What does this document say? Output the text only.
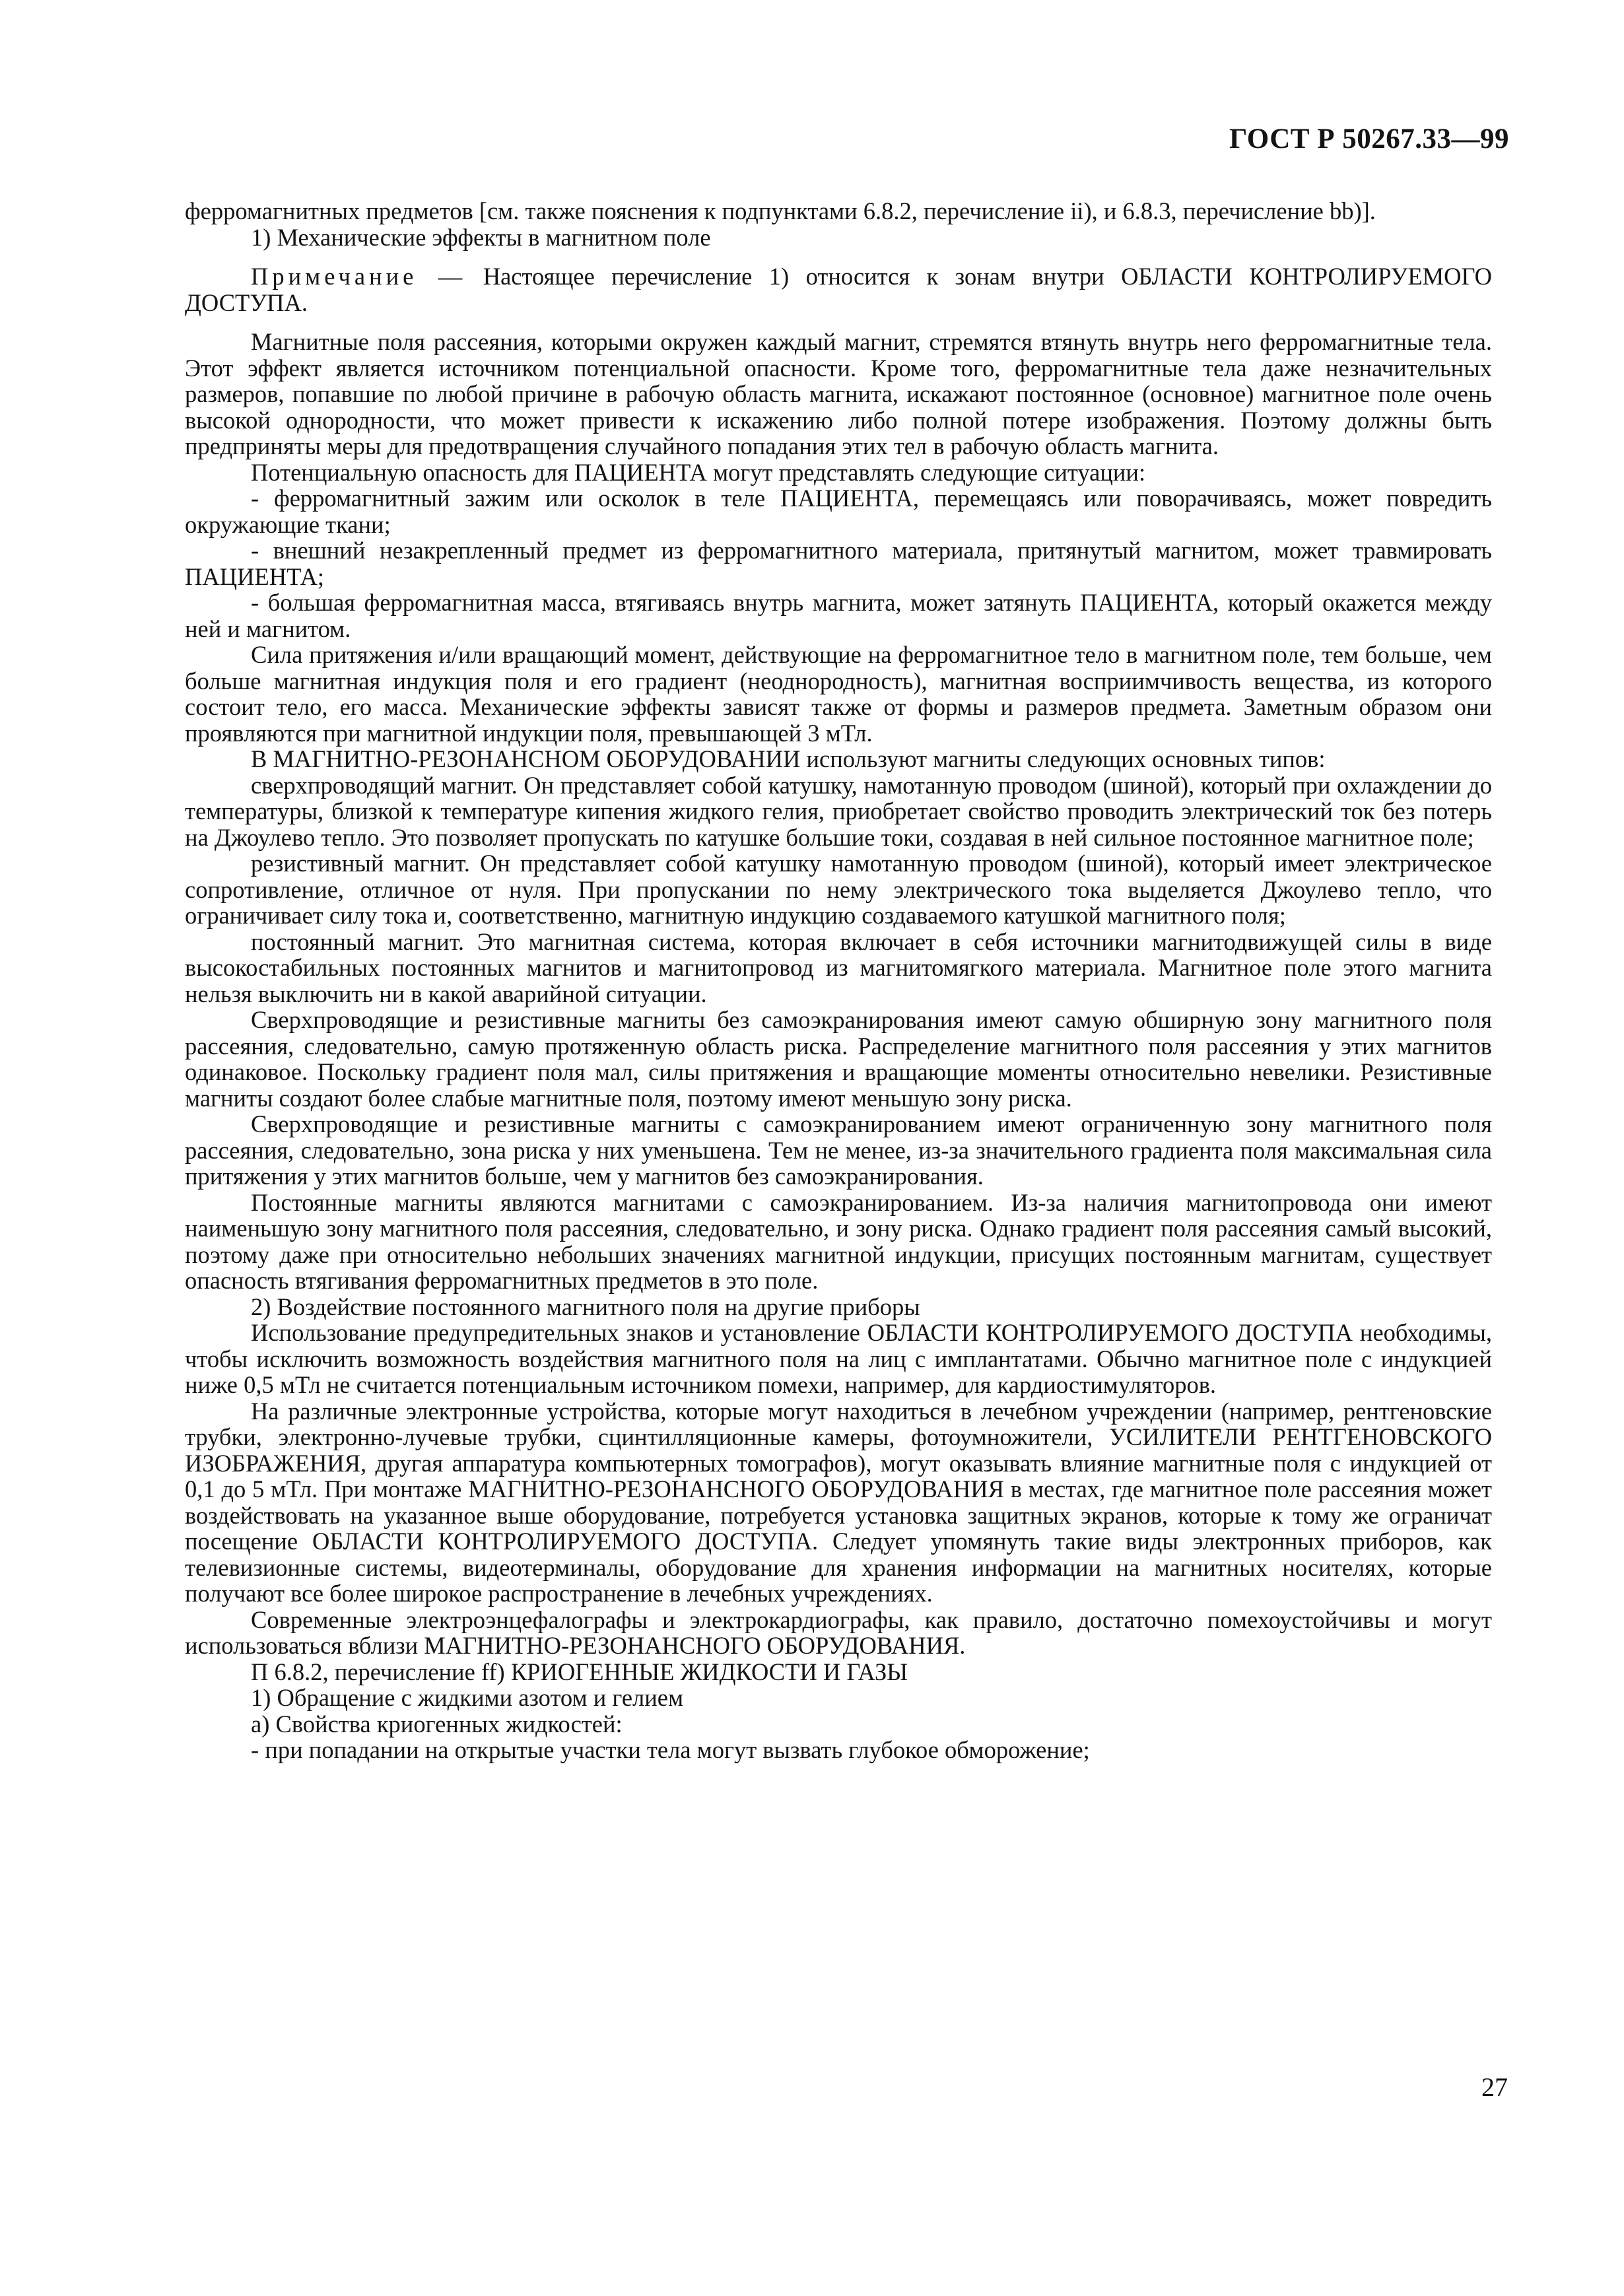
ГОСТ Р 50267.33—99

ферромагнитных предметов [см. также пояснения к подпунктами 6.8.2, перечисление ii), и 6.8.3, перечисление bb)].

1) Механические эффекты в магнитном поле

Примечание — Настоящее перечисление 1) относится к зонам внутри ОБЛАСТИ КОНТРОЛИРУЕМОГО ДОСТУПА.

Магнитные поля рассеяния, которыми окружен каждый магнит, стремятся втянуть внутрь него ферромагнитные тела. Этот эффект является источником потенциальной опасности. Кроме того, ферромагнитные тела даже незначительных размеров, попавшие по любой причине в рабочую область магнита, искажают постоянное (основное) магнитное поле очень высокой однородности, что может привести к искажению либо полной потере изображения. Поэтому должны быть предприняты меры для предотвращения случайного попадания этих тел в рабочую область магнита.

Потенциальную опасность для ПАЦИЕНТА могут представлять следующие ситуации:

- ферромагнитный зажим или осколок в теле ПАЦИЕНТА, перемещаясь или поворачиваясь, может повредить окружающие ткани;

- внешний незакрепленный предмет из ферромагнитного материала, притянутый магнитом, может травмировать ПАЦИЕНТА;

- большая ферромагнитная масса, втягиваясь внутрь магнита, может затянуть ПАЦИЕНТА, который окажется между ней и магнитом.

Сила притяжения и/или вращающий момент, действующие на ферромагнитное тело в магнитном поле, тем больше, чем больше магнитная индукция поля и его градиент (неоднородность), магнитная восприимчивость вещества, из которого состоит тело, его масса. Механические эффекты зависят также от формы и размеров предмета. Заметным образом они проявляются при магнитной индукции поля, превышающей 3 мТл.

В МАГНИТНО-РЕЗОНАНСНОМ ОБОРУДОВАНИИ используют магниты следующих основных типов:

сверхпроводящий магнит. Он представляет собой катушку, намотанную проводом (шиной), который при охлаждении до температуры, близкой к температуре кипения жидкого гелия, приобретает свойство проводить электрический ток без потерь на Джоулево тепло. Это позволяет пропускать по катушке большие токи, создавая в ней сильное постоянное магнитное поле;

резистивный магнит. Он представляет собой катушку намотанную проводом (шиной), который имеет электрическое сопротивление, отличное от нуля. При пропускании по нему электрического тока выделяется Джоулево тепло, что ограничивает силу тока и, соответственно, магнитную индукцию создаваемого катушкой магнитного поля;

постоянный магнит. Это магнитная система, которая включает в себя источники магнитодвижущей силы в виде высокостабильных постоянных магнитов и магнитопровод из магнитомягкого материала. Магнитное поле этого магнита нельзя выключить ни в какой аварийной ситуации.

Сверхпроводящие и резистивные магниты без самоэкранирования имеют самую обширную зону магнитного поля рассеяния, следовательно, самую протяженную область риска. Распределение магнитного поля рассеяния у этих магнитов одинаковое. Поскольку градиент поля мал, силы притяжения и вращающие моменты относительно невелики. Резистивные магниты создают более слабые магнитные поля, поэтому имеют меньшую зону риска.

Сверхпроводящие и резистивные магниты с самоэкранированием имеют ограниченную зону магнитного поля рассеяния, следовательно, зона риска у них уменьшена. Тем не менее, из-за значительного градиента поля максимальная сила притяжения у этих магнитов больше, чем у магнитов без самоэкранирования.

Постоянные магниты являются магнитами с самоэкранированием. Из-за наличия магнитопровода они имеют наименьшую зону магнитного поля рассеяния, следовательно, и зону риска. Однако градиент поля рассеяния самый высокий, поэтому даже при относительно небольших значениях магнитной индукции, присущих постоянным магнитам, существует опасность втягивания ферромагнитных предметов в это поле.

2) Воздействие постоянного магнитного поля на другие приборы

Использование предупредительных знаков и установление ОБЛАСТИ КОНТРОЛИРУЕМОГО ДОСТУПА необходимы, чтобы исключить возможность воздействия магнитного поля на лиц с имплантатами. Обычно магнитное поле с индукцией ниже 0,5 мТл не считается потенциальным источником помехи, например, для кардиостимуляторов.

На различные электронные устройства, которые могут находиться в лечебном учреждении (например, рентгеновские трубки, электронно-лучевые трубки, сцинтилляционные камеры, фотоумножители, УСИЛИТЕЛИ РЕНТГЕНОВСКОГО ИЗОБРАЖЕНИЯ, другая аппаратура компьютерных томографов), могут оказывать влияние магнитные поля с индукцией от 0,1 до 5 мТл. При монтаже МАГНИТНО-РЕЗОНАНСНОГО ОБОРУДОВАНИЯ в местах, где магнитное поле рассеяния может воздействовать на указанное выше оборудование, потребуется установка защитных экранов, которые к тому же ограничат посещение ОБЛАСТИ КОНТРОЛИРУЕМОГО ДОСТУПА. Следует упомянуть такие виды электронных приборов, как телевизионные системы, видеотерминалы, оборудование для хранения информации на магнитных носителях, которые получают все более широкое распространение в лечебных учреждениях.

Современные электроэнцефалографы и электрокардиографы, как правило, достаточно помехоустойчивы и могут использоваться вблизи МАГНИТНО-РЕЗОНАНСНОГО ОБОРУДОВАНИЯ.

П 6.8.2, перечисление ff) КРИОГЕННЫЕ ЖИДКОСТИ И ГАЗЫ

1) Обращение с жидкими азотом и гелием

а) Свойства криогенных жидкостей:

- при попадании на открытые участки тела могут вызвать глубокое обморожение;

27
